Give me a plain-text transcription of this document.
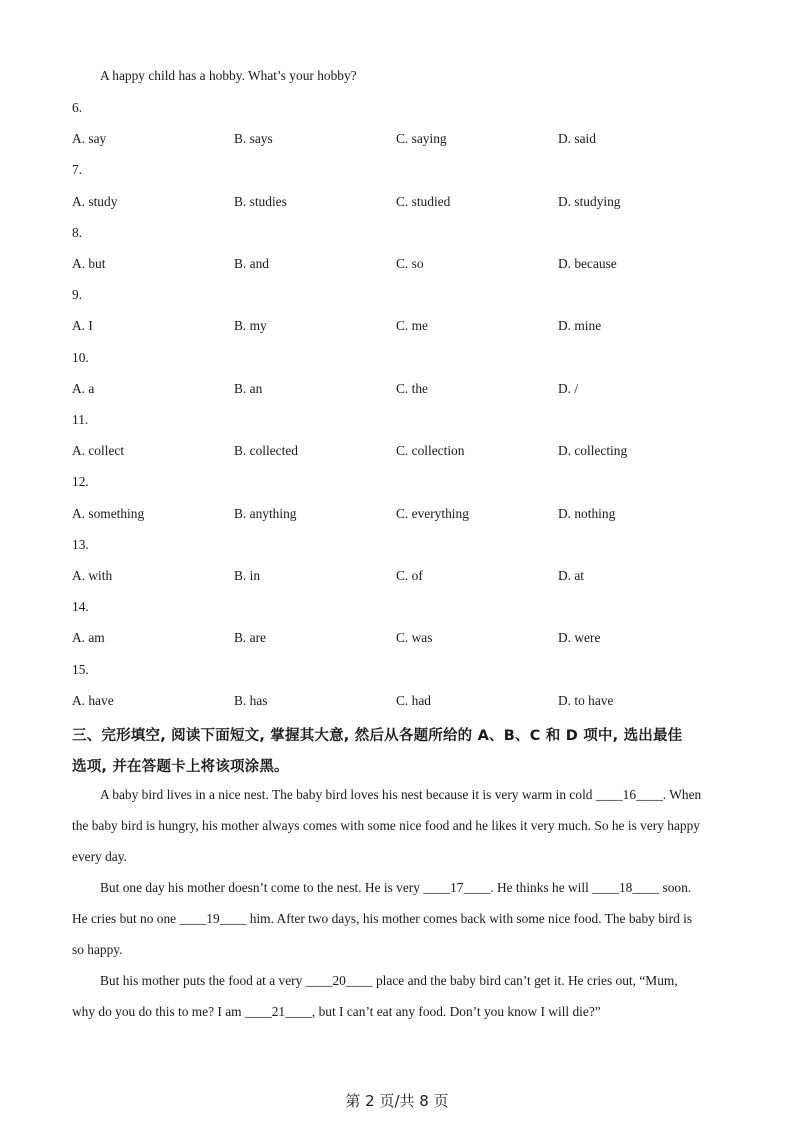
A happy child has a hobby. What’s your hobby?
6.
A. say	B. says	C. saying	D. said
7.
A. study	B. studies	C. studied	D. studying
8.
A. but	B. and	C. so	D. because
9.
A. I	B. my	C. me	D. mine
10.
A. a	B. an	C. the	D. /
11.
A. collect	B. collected	C. collection	D. collecting
12.
A. something	B. anything	C. everything	D. nothing
13.
A. with	B. in	C. of	D. at
14.
A. am	B. are	C. was	D. were
15.
A. have	B. has	C. had	D. to have
三、完形填空, 阅读下面短文, 掌握其大意, 然后从各题所给的 A、B、C 和 D 项中, 选出最佳
选项, 并在答题卡上将该项涂黑。
A baby bird lives in a nice nest. The baby bird loves his nest because it is very warm in cold ____16____. When
the baby bird is hungry, his mother always comes with some nice food and he likes it very much. So he is very happy
every day.
But one day his mother doesn’t come to the nest. He is very ____17____. He thinks he will ____18____ soon.
He cries but no one ____19____ him. After two days, his mother comes back with some nice food. The baby bird is
so happy.
But his mother puts the food at a very ____20____ place and the baby bird can’t get it. He cries out, “Mum,
why do you do this to me? I am ____21____, but I can’t eat any food. Don’t you know I will die?”
第 2 页/共 8 页
